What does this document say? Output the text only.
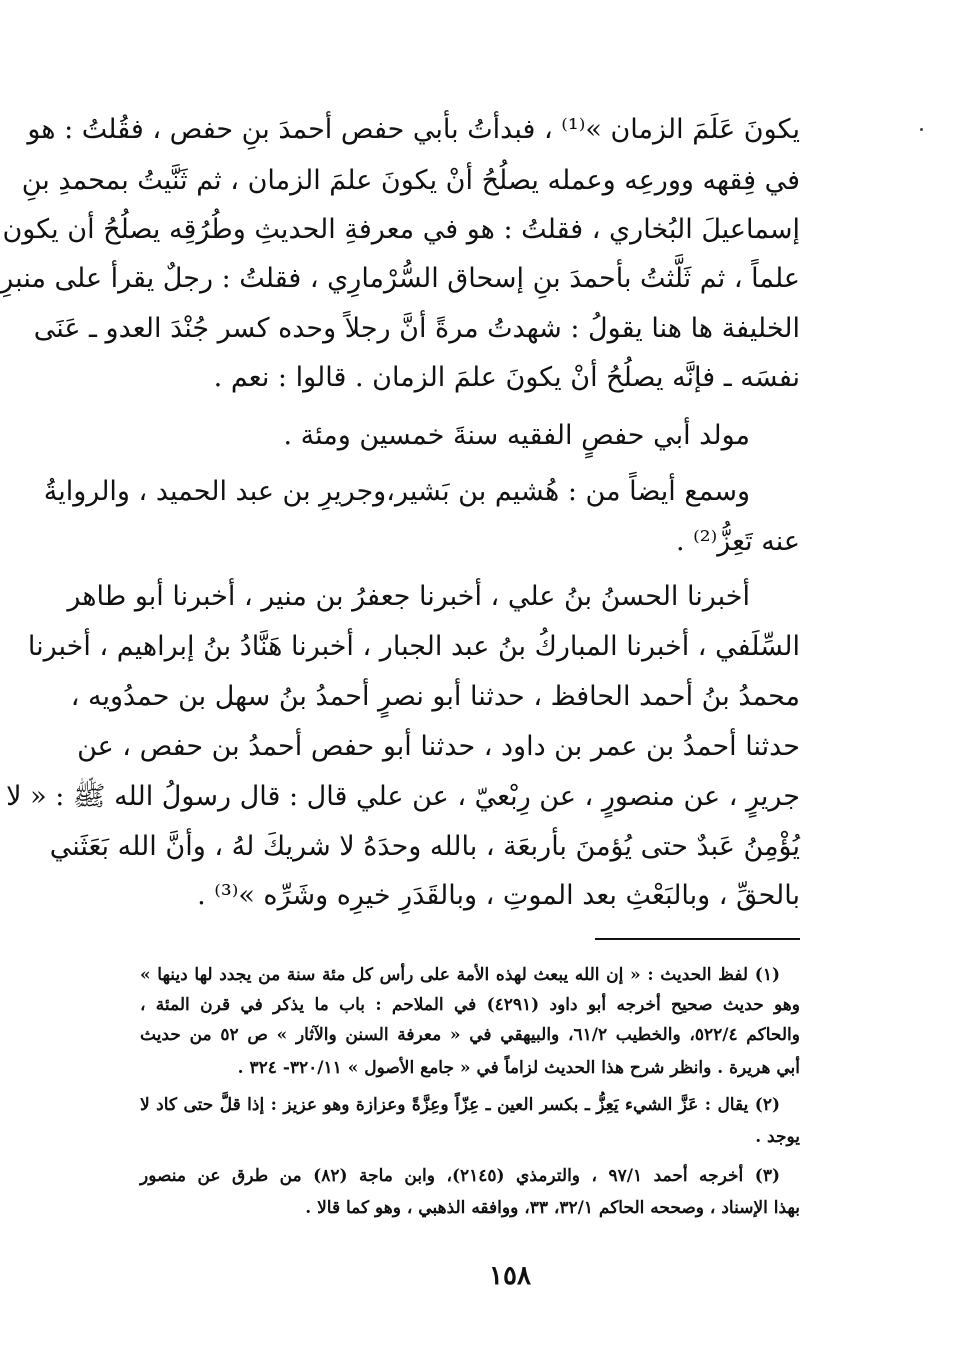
يكونَ عَلَمَ الزمان »⁽¹⁾ ، فبدأتُ بأبي حفص أحمدَ بنِ حفص ، فقُلتُ : هو
في فِقهه وورعِه وعمله يصلُحُ أنْ يكونَ علمَ الزمان ، ثم ثَنَّيتُ بمحمدِ بنِ
إسماعيلَ البُخاري ، فقلتُ : هو في معرفةِ الحديثِ وطُرُقِه يصلُحُ أن يكون
علماً ، ثم ثَلَّثتُ بأحمدَ بنِ إسحاق السُّرْمارِي ، فقلتُ : رجلٌ يقرأ على منبرِ
الخليفة ها هنا يقولُ : شهدتُ مرةً أنَّ رجلاً وحده كسر جُنْدَ العدو ـ عَنَى
نفسَه ـ فإنَّه يصلُحُ أنْ يكونَ علمَ الزمان . قالوا : نعم .
مولد أبي حفصٍ الفقيه سنةَ خمسين ومئة .
وسمع أيضاً من : هُشيم بن بَشير،وجريرِ بن عبد الحميد ، والروايةُ
عنه تَعِزُّ⁽²⁾ .
أخبرنا الحسنُ بنُ علي ، أخبرنا جعفرُ بن منير ، أخبرنا أبو طاهر
السِّلَفي ، أخبرنا المباركُ بنُ عبد الجبار ، أخبرنا هَنَّادُ بنُ إبراهيم ، أخبرنا
محمدُ بنُ أحمد الحافظ ، حدثنا أبو نصرٍ أحمدُ بنُ سهل بن حمدُويه ،
حدثنا أحمدُ بن عمر بن داود ، حدثنا أبو حفص أحمدُ بن حفص ، عن
جريرٍ ، عن منصورٍ ، عن رِبْعيّ ، عن علي قال : قال رسولُ الله ﷺ : « لا
يُؤْمِنُ عَبدٌ حتى يُؤمنَ بأربعَة ، بالله وحدَهُ لا شريكَ لهُ ، وأنَّ الله بَعَثَني
بالحقِّ ، وبالبَعْثِ بعد الموتِ ، وبالقَدَرِ خيرِه وشَرِّه »⁽³⁾ .
(١) لفظ الحديث : « إن الله يبعث لهذه الأمة على رأس كل مئة سنة من يجدد لها دينها »
وهو حديث صحيح أخرجه أبو داود (٤٢٩١) في الملاحم : باب ما يذكر في قرن المئة ،
والحاكم ٥٢٢/٤، والخطيب ٦١/٢، والبيهقي في « معرفة السنن والآثار » ص ٥٢ من حديث
أبي هريرة . وانظر شرح هذا الحديث لزاماً في « جامع الأصول » ٣٢٠/١١- ٣٢٤ .
(٢) يقال : عَزَّ الشيء يَعِزُّ ـ بكسر العين ـ عِزّاً وعِزَّةً وعزازة وهو عزيز : إذا قلَّ حتى كاد لا
يوجد .
(٣) أخرجه أحمد ٩٧/١ ، والترمذي (٢١٤٥)، وابن ماجة (٨٢) من طرق عن منصور
بهذا الإسناد ، وصححه الحاكم ٣٢/١، ٣٣، ووافقه الذهبي ، وهو كما قالا .
١٥٨
